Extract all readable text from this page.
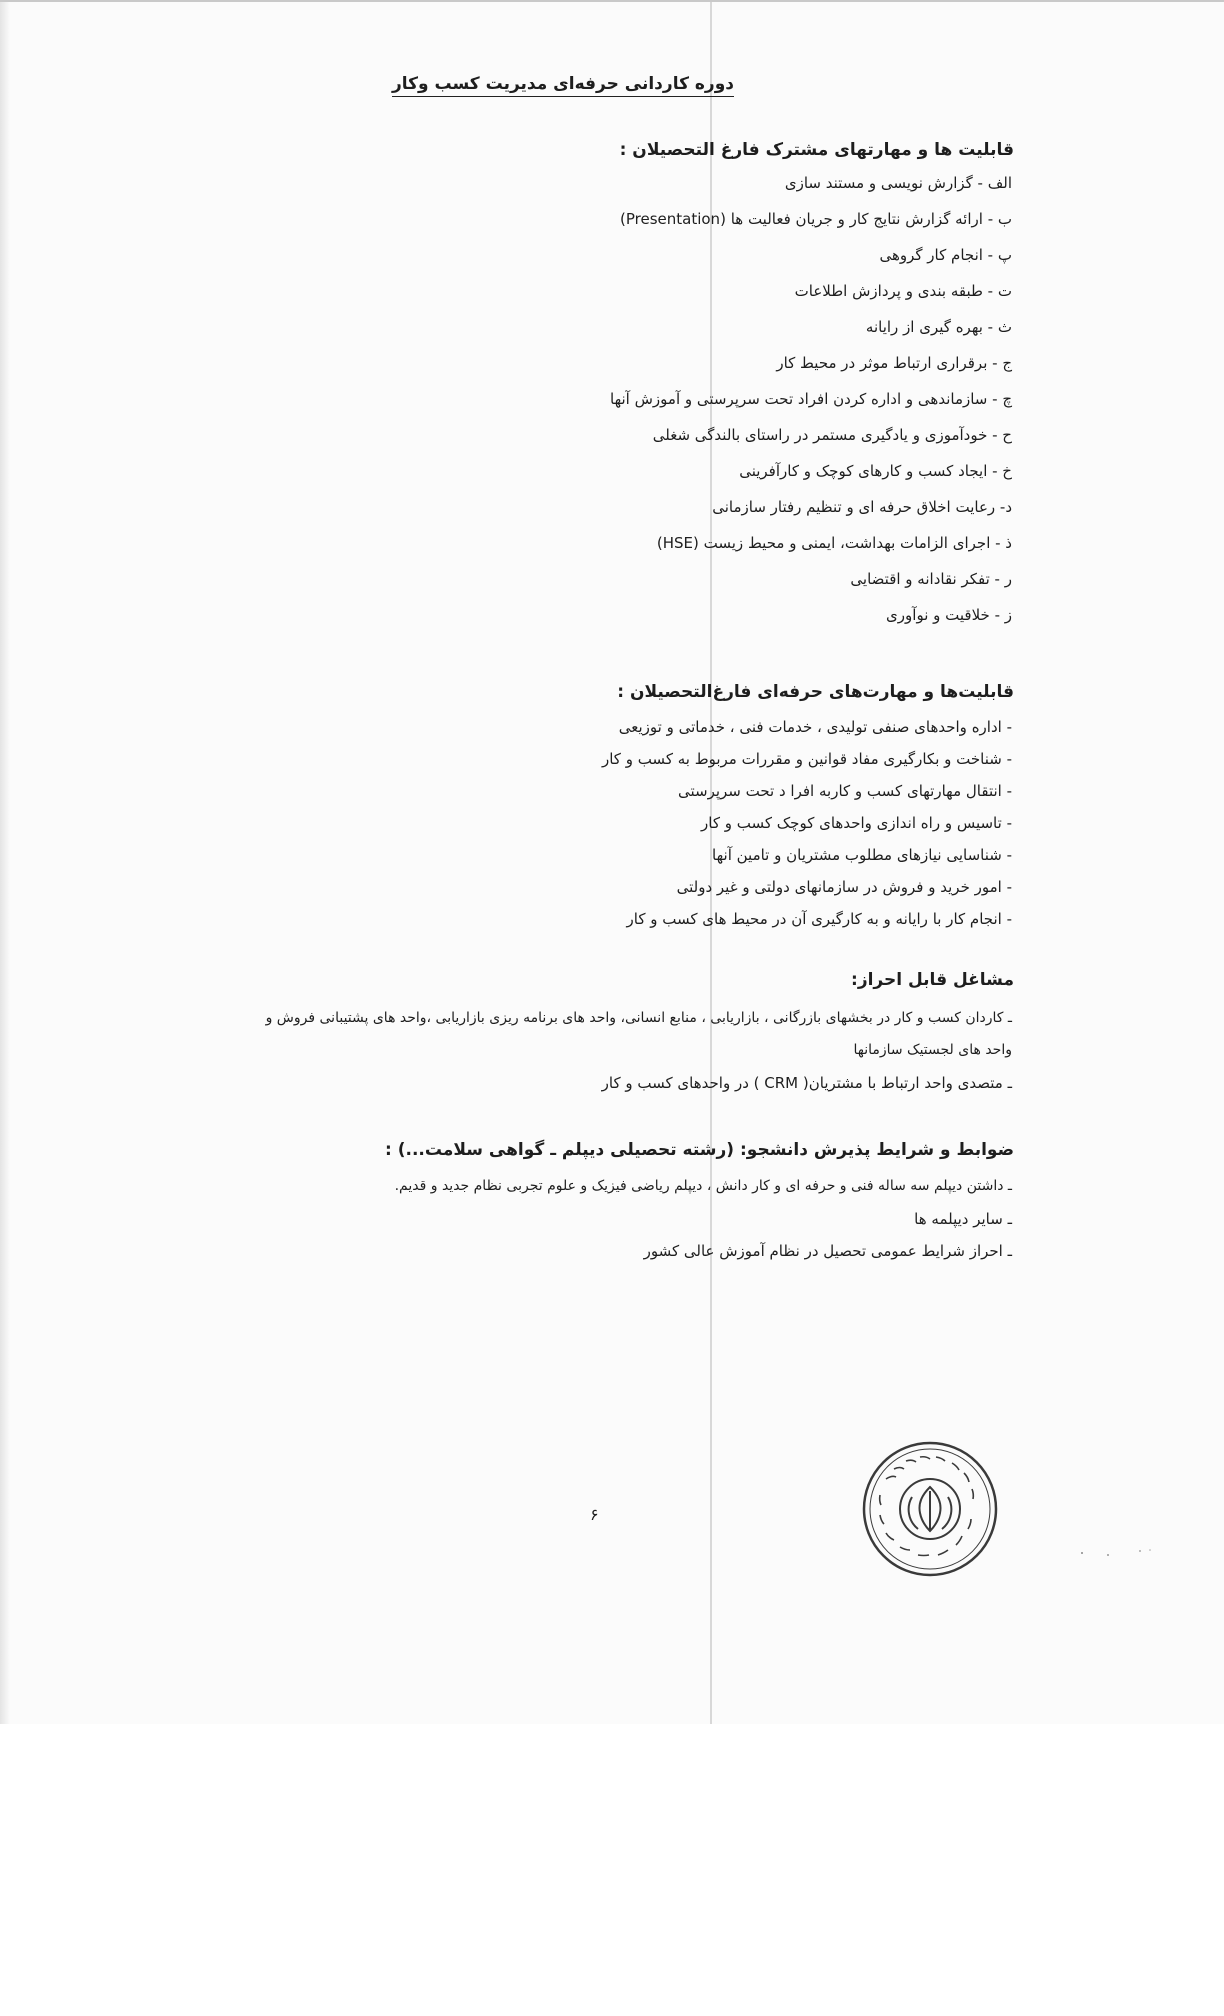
دوره کاردانی حرفه‌ای مدیریت کسب وکار
قابلیت ها و مهارتهای مشترک فارغ التحصیلان :
الف - گزارش نویسی و مستند سازی
ب - ارائه گزارش نتایج کار و جریان فعالیت ها (Presentation)
پ - انجام کار گروهی
ت - طبقه بندی و پردازش اطلاعات
ث - بهره گیری از رایانه
ج - برقراری ارتباط موثر در محیط کار
چ - سازماندهی و اداره کردن افراد تحت سرپرستی و آموزش آنها
ح - خودآموزی و یادگیری مستمر در راستای بالندگی شغلی
خ - ایجاد کسب و کارهای کوچک و کارآفرینی
د- رعایت اخلاق حرفه ای و تنظیم رفتار سازمانی
ذ - اجرای الزامات بهداشت، ایمنی و محیط زیست (HSE)
ر - تفکر نقادانه و اقتضایی
ز - خلاقیت و نوآوری
قابلیت‌ها و مهارت‌های حرفه‌ای فارغ‌التحصیلان :
- اداره واحدهای صنفی تولیدی ، خدمات فنی ، خدماتی و توزیعی
- شناخت و بکارگیری مفاد قوانین و مقررات مربوط به کسب و کار
- انتقال مهارتهای کسب و کاربه افرا د تحت سرپرستی
- تاسیس و راه اندازی واحدهای کوچک کسب و کار
- شناسایی نیازهای مطلوب مشتریان و تامین آنها
- امور خرید و فروش در سازمانهای دولتی و غیر دولتی
- انجام کار با رایانه و به کارگیری آن در محیط های کسب و کار
مشاغل قابل احراز:
ـ کاردان کسب و کار در بخشهای بازرگانی ، بازاریابی ، منابع انسانی، واحد های برنامه ریزی بازاریابی ،واحد های پشتیبانی فروش و
واحد های لجستیک سازمانها
ـ متصدی واحد ارتباط با مشتریان( CRM ) در واحدهای کسب و کار
ضوابط و شرایط پذیرش دانشجو: (رشته تحصیلی دیپلم ـ گواهی سلامت...) :
ـ داشتن دیپلم سه ساله فنی و حرفه ای و کار دانش ، دیپلم ریاضی فیزیک و علوم تجربی نظام جدید و قدیم.
ـ سایر دیپلمه ها
ـ احراز شرایط عمومی تحصیل در نظام آموزش عالی کشور
۶
